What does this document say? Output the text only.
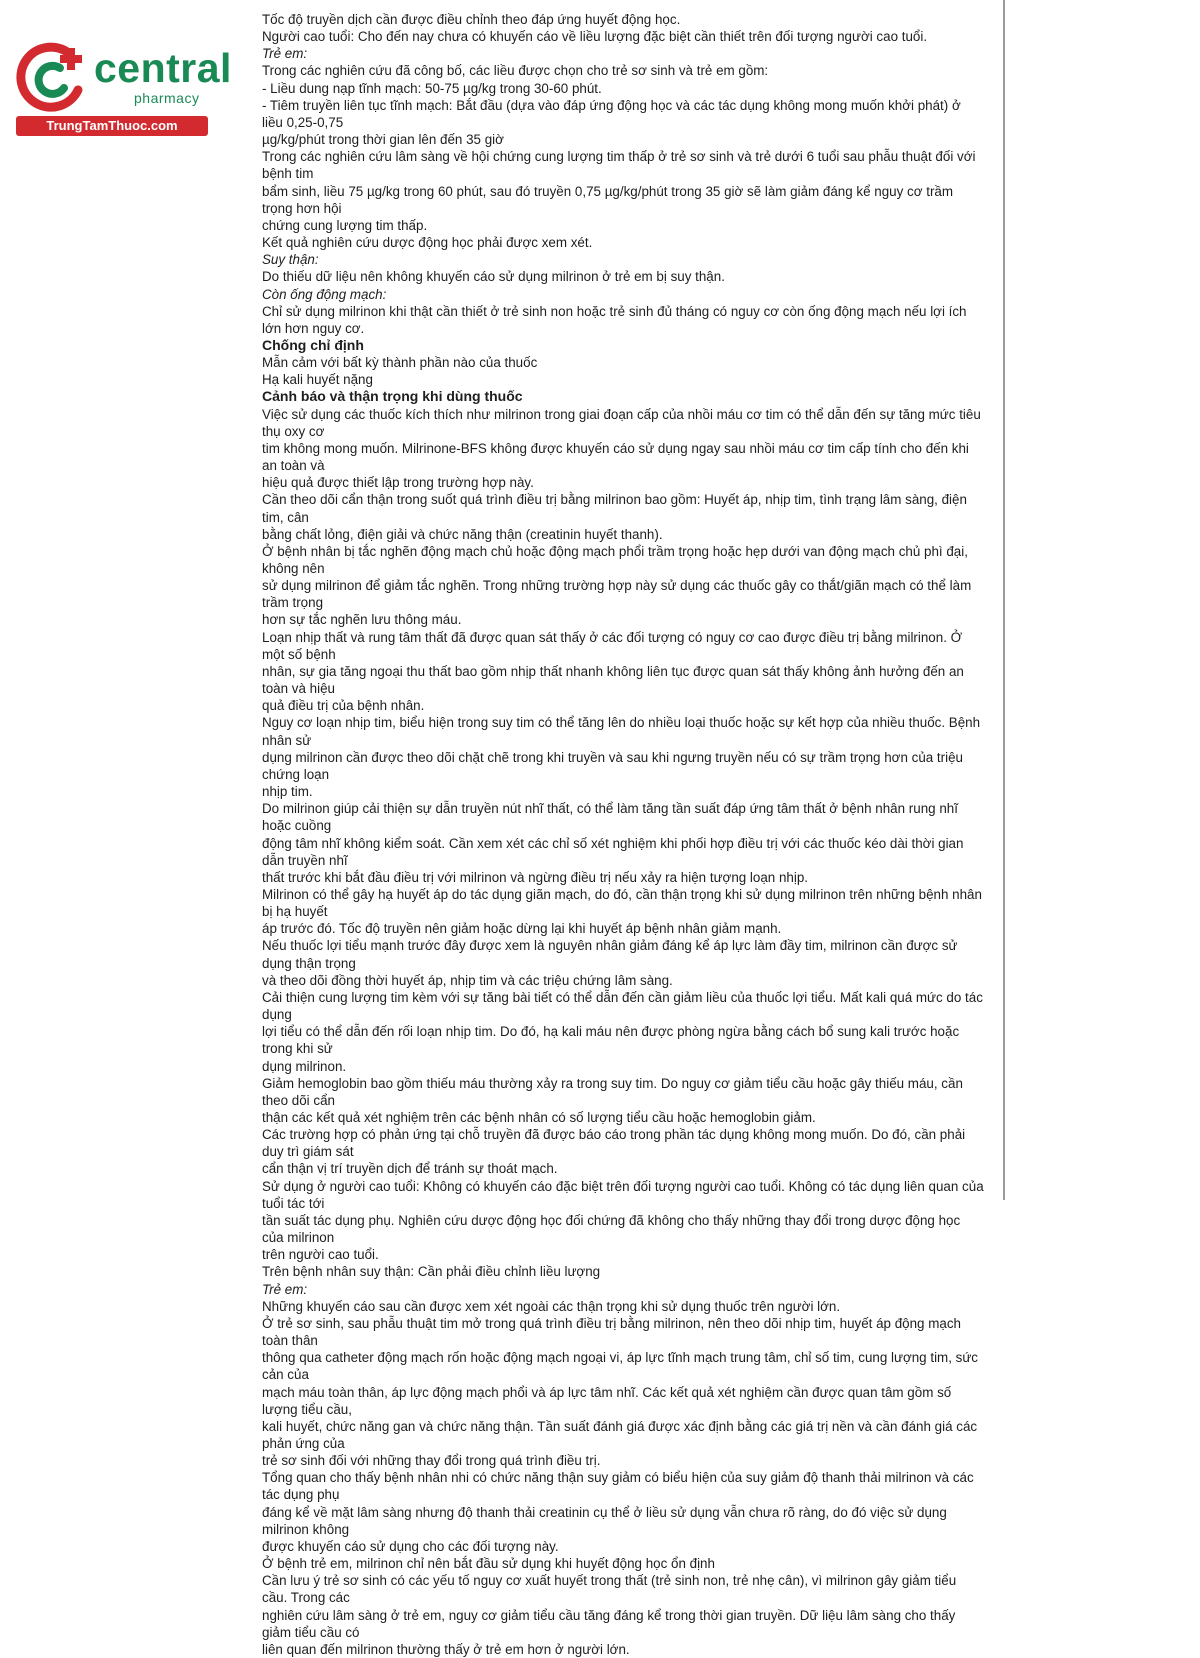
central
pharmacy
TrungTamThuoc.com

Tốc độ truyền dịch cần được điều chỉnh theo đáp ứng huyết động học.

Người cao tuổi: Cho đến nay chưa có khuyến cáo về liều lượng đặc biệt cần thiết trên đối tượng người cao tuổi.

Trẻ em:

Trong các nghiên cứu đã công bố, các liều được chọn cho trẻ sơ sinh và trẻ em gồm:

- Liều dung nạp tĩnh mạch: 50-75 µg/kg trong 30-60 phút.

- Tiêm truyền liên tục tĩnh mạch: Bắt đầu (dựa vào đáp ứng động học và các tác dụng không mong muốn khởi phát) ở liều 0,25-0,75

µg/kg/phút trong thời gian lên đến 35 giờ

Trong các nghiên cứu lâm sàng về hội chứng cung lượng tim thấp ở trẻ sơ sinh và trẻ dưới 6 tuổi sau phẫu thuật đối với bệnh tim

bẩm sinh, liều 75 µg/kg trong 60 phút, sau đó truyền 0,75 µg/kg/phút trong 35 giờ sẽ làm giảm đáng kể nguy cơ trầm trọng hơn hội

chứng cung lượng tim thấp.

Kết quả nghiên cứu dược động học phải được xem xét.

Suy thận:

Do thiếu dữ liệu nên không khuyến cáo sử dụng milrinon ở trẻ em bị suy thận.

Còn ống động mạch:

Chỉ sử dụng milrinon khi thật cần thiết ở trẻ sinh non hoặc trẻ sinh đủ tháng có nguy cơ còn ống động mạch nếu lợi ích lớn hơn nguy cơ.

Chống chỉ định

Mẫn cảm với bất kỳ thành phần nào của thuốc

Hạ kali huyết nặng

Cảnh báo và thận trọng khi dùng thuốc

Việc sử dụng các thuốc kích thích như milrinon trong giai đoạn cấp của nhồi máu cơ tim có thể dẫn đến sự tăng mức tiêu thụ oxy cơ

tim không mong muốn. Milrinone-BFS không được khuyến cáo sử dụng ngay sau nhồi máu cơ tim cấp tính cho đến khi an toàn và

hiệu quả được thiết lập trong trường hợp này.

Cần theo dõi cẩn thận trong suốt quá trình điều trị bằng milrinon bao gồm: Huyết áp, nhịp tim, tình trạng lâm sàng, điện tim, cân

bằng chất lỏng, điện giải và chức năng thận (creatinin huyết thanh).

Ở bệnh nhân bị tắc nghẽn động mạch chủ hoặc động mạch phổi trầm trọng hoặc hẹp dưới van động mạch chủ phì đại, không nên

sử dụng milrinon để giảm tắc nghẽn. Trong những trường hợp này sử dụng các thuốc gây co thắt/giãn mạch có thể làm trầm trọng

hơn sự tắc nghẽn lưu thông máu.

Loạn nhịp thất và rung tâm thất đã được quan sát thấy ở các đối tượng có nguy cơ cao được điều trị bằng milrinon. Ở một số bệnh

nhân, sự gia tăng ngoại thu thất bao gồm nhịp thất nhanh không liên tục được quan sát thấy không ảnh hưởng đến an toàn và hiệu

quả điều trị của bệnh nhân.

Nguy cơ loạn nhịp tim, biểu hiện trong suy tim có thể tăng lên do nhiều loại thuốc hoặc sự kết hợp của nhiều thuốc. Bệnh nhân sử

dụng milrinon cần được theo dõi chặt chẽ trong khi truyền và sau khi ngưng truyền nếu có sự trầm trọng hơn của triệu chứng loạn

nhịp tim.

Do milrinon giúp cải thiện sự dẫn truyền nút nhĩ thất, có thể làm tăng tần suất đáp ứng tâm thất ở bệnh nhân rung nhĩ hoặc cuồng

động tâm nhĩ không kiểm soát. Cần xem xét các chỉ số xét nghiệm khi phối hợp điều trị với các thuốc kéo dài thời gian dẫn truyền nhĩ

thất trước khi bắt đầu điều trị với milrinon và ngừng điều trị nếu xảy ra hiện tượng loạn nhịp.

Milrinon có thể gây hạ huyết áp do tác dụng giãn mạch, do đó, cần thận trọng khi sử dụng milrinon trên những bệnh nhân bị hạ huyết

áp trước đó. Tốc độ truyền nên giảm hoặc dừng lại khi huyết áp bệnh nhân giảm mạnh.

Nếu thuốc lợi tiểu mạnh trước đây được xem là nguyên nhân giảm đáng kể áp lực làm đầy tim, milrinon cần được sử dụng thận trọng

và theo dõi đồng thời huyết áp, nhịp tim và các triệu chứng lâm sàng.

Cải thiện cung lượng tim kèm với sự tăng bài tiết có thể dẫn đến cần giảm liều của thuốc lợi tiểu. Mất kali quá mức do tác dụng

lợi tiểu có thể dẫn đến rối loạn nhịp tim. Do đó, hạ kali máu nên được phòng ngừa bằng cách bổ sung kali trước hoặc trong khi sử

dụng milrinon.

Giảm hemoglobin bao gồm thiếu máu thường xảy ra trong suy tim. Do nguy cơ giảm tiểu cầu hoặc gây thiếu máu, cần theo dõi cẩn

thận các kết quả xét nghiệm trên các bệnh nhân có số lượng tiểu cầu hoặc hemoglobin giảm.

Các trường hợp có phản ứng tại chỗ truyền đã được báo cáo trong phần tác dụng không mong muốn. Do đó, cần phải duy trì giám sát

cẩn thận vị trí truyền dịch để tránh sự thoát mạch.

Sử dụng ở người cao tuổi: Không có khuyến cáo đặc biệt trên đối tượng người cao tuổi. Không có tác dụng liên quan của tuổi tác tới

tần suất tác dụng phụ. Nghiên cứu dược động học đối chứng đã không cho thấy những thay đổi trong dược động học của milrinon

trên người cao tuổi.

Trên bệnh nhân suy thận: Cần phải điều chỉnh liều lượng

Trẻ em:

Những khuyến cáo sau cần được xem xét ngoài các thận trọng khi sử dụng thuốc trên người lớn.

Ở trẻ sơ sinh, sau phẫu thuật tim mở trong quá trình điều trị bằng milrinon, nên theo dõi nhịp tim, huyết áp động mạch toàn thân

thông qua catheter động mạch rốn hoặc động mạch ngoại vi, áp lực tĩnh mạch trung tâm, chỉ số tim, cung lượng tim, sức cản của

mạch máu toàn thân, áp lực động mạch phổi và áp lực tâm nhĩ. Các kết quả xét nghiệm cần được quan tâm gồm số lượng tiểu cầu,

kali huyết, chức năng gan và chức năng thận. Tần suất đánh giá được xác định bằng các giá trị nền và cần đánh giá các phản ứng của

trẻ sơ sinh đối với những thay đổi trong quá trình điều trị.

Tổng quan cho thấy bệnh nhân nhi có chức năng thận suy giảm có biểu hiện của suy giảm độ thanh thải milrinon và các tác dụng phụ

đáng kể về mặt lâm sàng nhưng độ thanh thải creatinin cụ thể ở liều sử dụng vẫn chưa rõ ràng, do đó việc sử dụng milrinon không

được khuyến cáo sử dụng cho các đối tượng này.

Ở bệnh trẻ em, milrinon chỉ nên bắt đầu sử dụng khi huyết động học ổn định

Cần lưu ý trẻ sơ sinh có các yếu tố nguy cơ xuất huyết trong thất (trẻ sinh non, trẻ nhẹ cân), vì milrinon gây giảm tiểu cầu. Trong các

nghiên cứu lâm sàng ở trẻ em, nguy cơ giảm tiểu cầu tăng đáng kể trong thời gian truyền. Dữ liệu lâm sàng cho thấy giảm tiểu cầu có

liên quan đến milrinon thường thấy ở trẻ em hơn ở người lớn.
